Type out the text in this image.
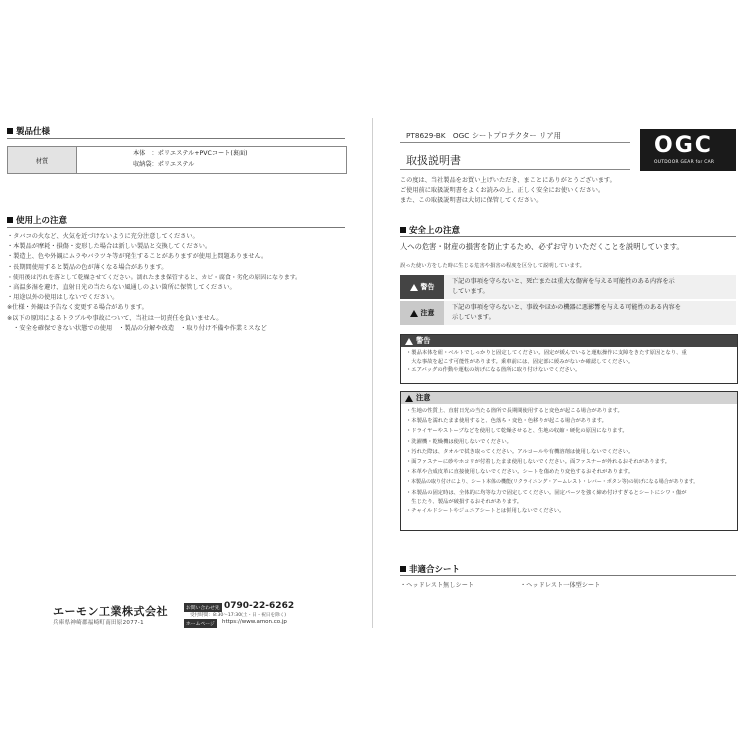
製品仕様
材質
本体　：ポリエステル+PVCコート(裏面)
収納袋：ポリエステル
使用上の注意
・タバコの火など、火気を近づけないように充分注意してください。
・本製品が摩耗・損傷・変形した場合は新しい製品と交換してください。
・製造上、色や外観にムラやバラツキ等が発生することがありますが使用上問題ありません。
・長期間使用すると製品の色が薄くなる場合があります。
・使用後は汚れを落として乾燥させてください。濡れたまま保管すると、カビ・腐食・劣化の原因になります。
・高温多湿を避け、直射日光の当たらない風通しのよい箇所に保管してください。
・用途以外の使用はしないでください。
※仕様・外観は予告なく変更する場合があります。
※以下の原因によるトラブルや事故について、当社は一切責任を負いません。
　・安全を確保できない状態での使用　・製品の分解や改造　・取り付け不備や作業ミスなど
エーモン工業株式会社
兵庫県神崎郡福崎町南田原2077-1
お問い合わせ先 0790-22-6262
受付時間：8:30〜17:30(土・日・祝日を除く)
ホームページ	https://www.amon.co.jp
PT8629-BK　OGC シートプロテクター リア用
取扱説明書
OGC
OUTDOOR GEAR for CAR
この度は、当社製品をお買い上げいただき、まことにありがとうございます。
ご使用前に取扱説明書をよくお読みの上、正しく安全にお使いください。
また、この取扱説明書は大切に保管してください。
安全上の注意
人への危害・財産の損害を防止するため、必ずお守りいただくことを説明しています。
誤った使い方をした時に生じる危害や損害の程度を区分して説明しています。
警告
下記の事項を守らないと、死亡または重大な傷害を与える可能性のある内容を示
しています。
注意
下記の事項を守らないと、事故やほかの機器に悪影響を与える可能性のある内容を
示しています。
警告
・製品本体を紐・ベルトでしっかりと固定してください。固定が緩んでいると運転操作に支障をきたす原因となり、重
　大な事故を起こす可能性があります。乗車前には、固定部に緩みがないか確認してください。
・エアバッグの作動や運転の妨げになる箇所に取り付けないでください。
注意
・生地の性質上、直射日光の当たる箇所で長期間使用すると変色が起こる場合があります。
・本製品を濡れたまま使用すると、色落ち・変色・色移りが起こる場合があります。
・ドライヤーやストーブなどを使用して乾燥させると、生地の収縮・硬化の原因になります。
・洗濯機・乾燥機は使用しないでください。
・汚れた際は、タオルで拭き取ってください。アルコールや有機溶剤は使用しないでください。
・面ファスナーに砂やホコリが付着したまま使用しないでください。面ファスナーが外れるおそれがあります。
・本革や合成皮革に直接使用しないでください。シートを傷めたり変色するおそれがあります。
・本製品の取り付けにより、シート本体の機能(リクライニング・アームレスト・レバー・ボタン等)の妨げになる場合があります。
・本製品の固定時は、全体的に均等な力で固定してください。固定パーツを強く締め付けすぎるとシートにシワ・傷が
　生じたり、製品が破損するおそれがあります。
・チャイルドシートやジュニアシートとは併用しないでください。
非適合シート
・ヘッドレスト無しシート	・ヘッドレスト一体型シート
